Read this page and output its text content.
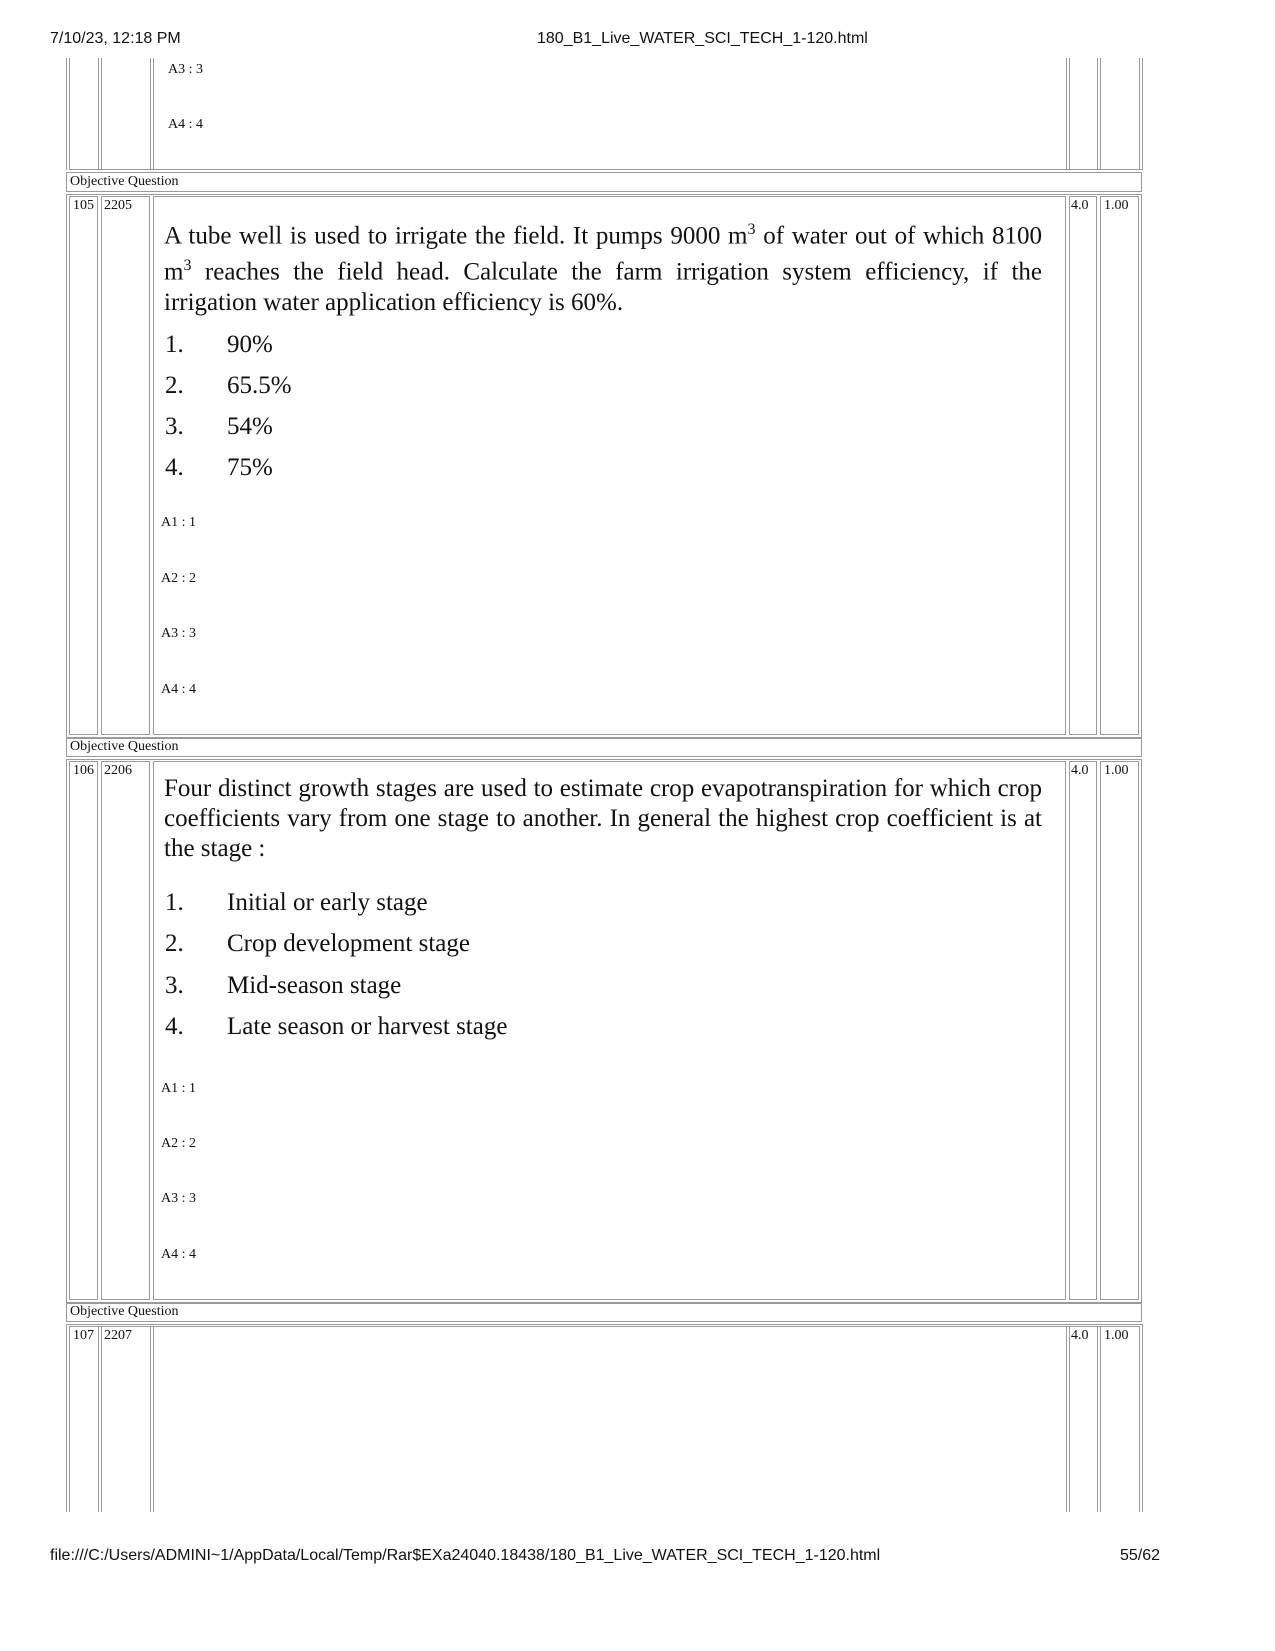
7/10/23, 12:18 PM	180_B1_Live_WATER_SCI_TECH_1-120.html
A3 : 3
A4 : 4
Objective Question
105 2205	4.0 1.00
A tube well is used to irrigate the field. It pumps 9000 $m^3$ of water out of which 8100 $m^3$ reaches the field head. Calculate the farm irrigation system efficiency, if the irrigation water application efficiency is 60%.
1. 90%
2. 65.5%
3. 54%
4. 75%
A1 : 1
A2 : 2
A3 : 3
A4 : 4
Objective Question
106 2206	4.0 1.00
Four distinct growth stages are used to estimate crop evapotranspiration for which crop coefficients vary from one stage to another. In general the highest crop coefficient is at the stage :
1. Initial or early stage
2. Crop development stage
3. Mid-season stage
4. Late season or harvest stage
A1 : 1
A2 : 2
A3 : 3
A4 : 4
Objective Question
107 2207	4.0 1.00
file:///C:/Users/ADMINI~1/AppData/Local/Temp/Rar$EXa24040.18438/180_B1_Live_WATER_SCI_TECH_1-120.html	55/62
